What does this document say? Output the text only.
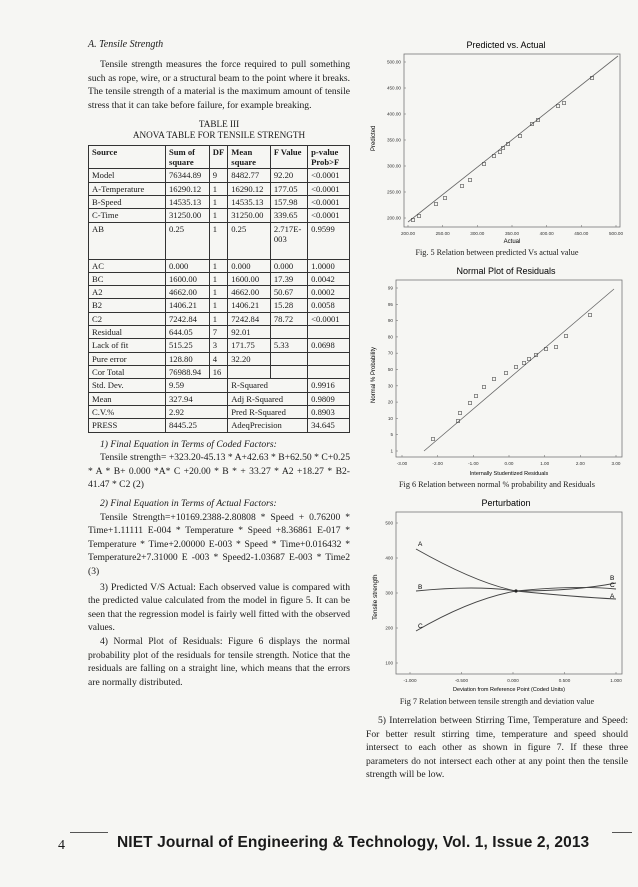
A. Tensile Strength

Tensile strength measures the force required to pull something such as rope, wire, or a structural beam to the point where it breaks. The tensile strength of a material is the maximum amount of tensile stress that it can take before failure, for example breaking.

TABLE III
ANOVA TABLE FOR TENSILE STRENGTH
Source	Sum of square	DF	Mean square	F Value	p-value Prob>F
Model	76344.89	9	8482.77	92.20	<0.0001
A-Temperature	16290.12	1	16290.12	177.05	<0.0001
B-Speed	14535.13	1	14535.13	157.98	<0.0001
C-Time	31250.00	1	31250.00	339.65	<0.0001
AB	0.25	1	0.25	2.717E-003	0.9599
AC	0.000	1	0.000	0.000	1.0000
BC	1600.00	1	1600.00	17.39	0.0042
A2	4662.00	1	4662.00	50.67	0.0002
B2	1406.21	1	1406.21	15.28	0.0058
C2	7242.84	1	7242.84	78.72	<0.0001
Residual	644.05	7	92.01		
Lack of fit	515.25	3	171.75	5.33	0.0698
Pure error	128.80	4	32.20		
Cor Total	76988.94	16			
Std. Dev.	9.59		R-Squared		0.9916
Mean	327.94		Adj R-Squared		0.9809
C.V.%	2.92		Pred R-Squared		0.8903
PRESS	8445.25		AdeqPrecision		34.645
1) Final Equation in Terms of Coded Factors:

Tensile strength= +323.20-45.13 * A+42.63 * B+62.50 * C+0.25 * A * B+ 0.000 *A* C +20.00 * B * + 33.27 * A2 +18.27 * B2-41.47 * C2 (2)

2) Final Equation in Terms of Actual Factors:

Tensile Strength=+10169.2388-2.80808 * Speed + 0.76200 * Time+1.11111 E-004 * Temperature * Speed +8.36861 E-017 * Temperature * Time+2.00000 E-003 * Speed * Time+0.016432 * Temperature2+7.31000 E -003 * Speed2-1.03687 E-003 * Time2 (3)

3) Predicted V/S Actual: Each observed value is compared with the predicted value calculated from the model in figure 5. It can be seen that the regression model is fairly well fitted with the observed values.

4) Normal Plot of Residuals: Figure 6 displays the normal probability plot of the residuals for tensile strength. Notice that the residuals are falling on a straight line, which means that the errors are normally distributed.

Predicted vs. Actual
Predicted
500.00
450.00
400.00
350.00
300.00
250.00
200.00
200.00	250.00	300.00	350.00	400.00	450.00	500.00
Actual
Fig. 5 Relation between predicted Vs actual value
Normal Plot of Residuals
Normal % Probability
99
95
90
80
70
50
30
20
10
5
1
-3.00	-2.00	-1.00	0.00	1.00	2.00	3.00
Internally Studentized Residuals
Fig 6 Relation between normal % probability and Residuals
Perturbation
Tensile strength
500
400
300
200
100
-1.000	-0.500	0.000	0.500	1.000
A
B
C
B
C
A
Deviation from Reference Point (Coded Units)
Fig 7 Relation between tensile strength and deviation value

5) Interrelation between Stirring Time, Temperature and Speed: For better result stirring time, temperature and speed should intersect to each other as shown in figure 7. If these three parameters do not intersect each other at any point then the tensile strength will be low.

4	NIET Journal of Engineering & Technology, Vol. 1, Issue 2, 2013
